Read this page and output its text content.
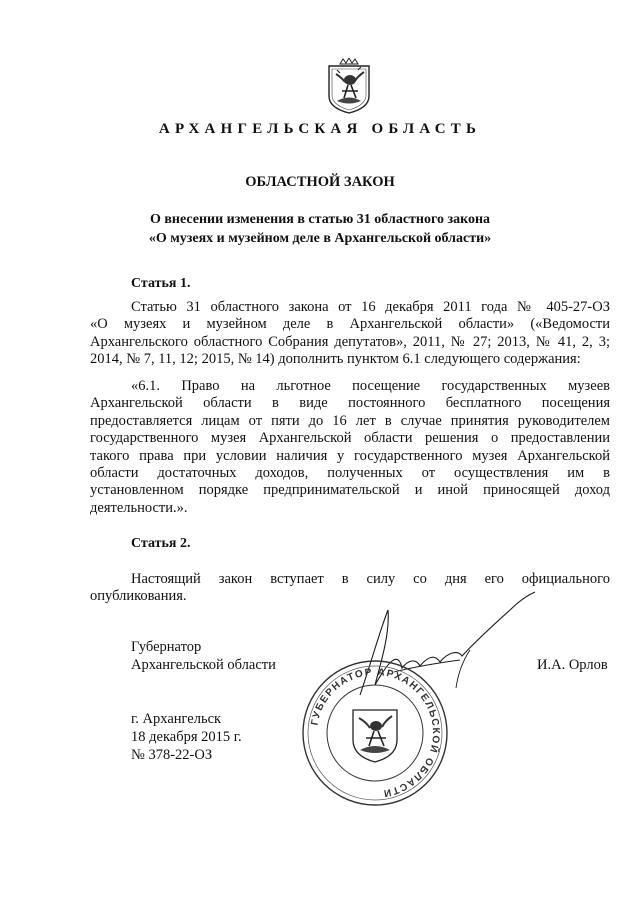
АРХАНГЕЛЬСКАЯ ОБЛАСТЬ
ОБЛАСТНОЙ ЗАКОН
О внесении изменения в статью 31 областного закона
«О музеях и музейном деле в Архангельской области»
Статья 1.
Статью 31 областного закона от 16 декабря 2011 года № 405-27-ОЗ
«О музеях и музейном деле в Архангельской области» («Ведомости
Архангельского областного Собрания депутатов», 2011, № 27; 2013, № 41, 2, 3;
2014, № 7, 11, 12; 2015, № 14) дополнить пунктом 6.1 следующего содержания:
«6.1. Право на льготное посещение государственных музеев
Архангельской области в виде постоянного бесплатного посещения
предоставляется лицам от пяти до 16 лет в случае принятия руководителем
государственного музея Архангельской области решения о предоставлении
такого права при условии наличия у государственного музея Архангельской
области достаточных доходов, полученных от осуществления им в
установленном порядке предпринимательской и иной приносящей доход
деятельности.».
Статья 2.
Настоящий закон вступает в силу со дня его официального
опубликования.
Губернатор
Архангельской области	И.А. Орлов
ГУБЕРНАТОР АРХАНГЕЛЬСКОЙ ОБЛАСТИ
г. Архангельск
18 декабря 2015 г.
№ 378-22-ОЗ
